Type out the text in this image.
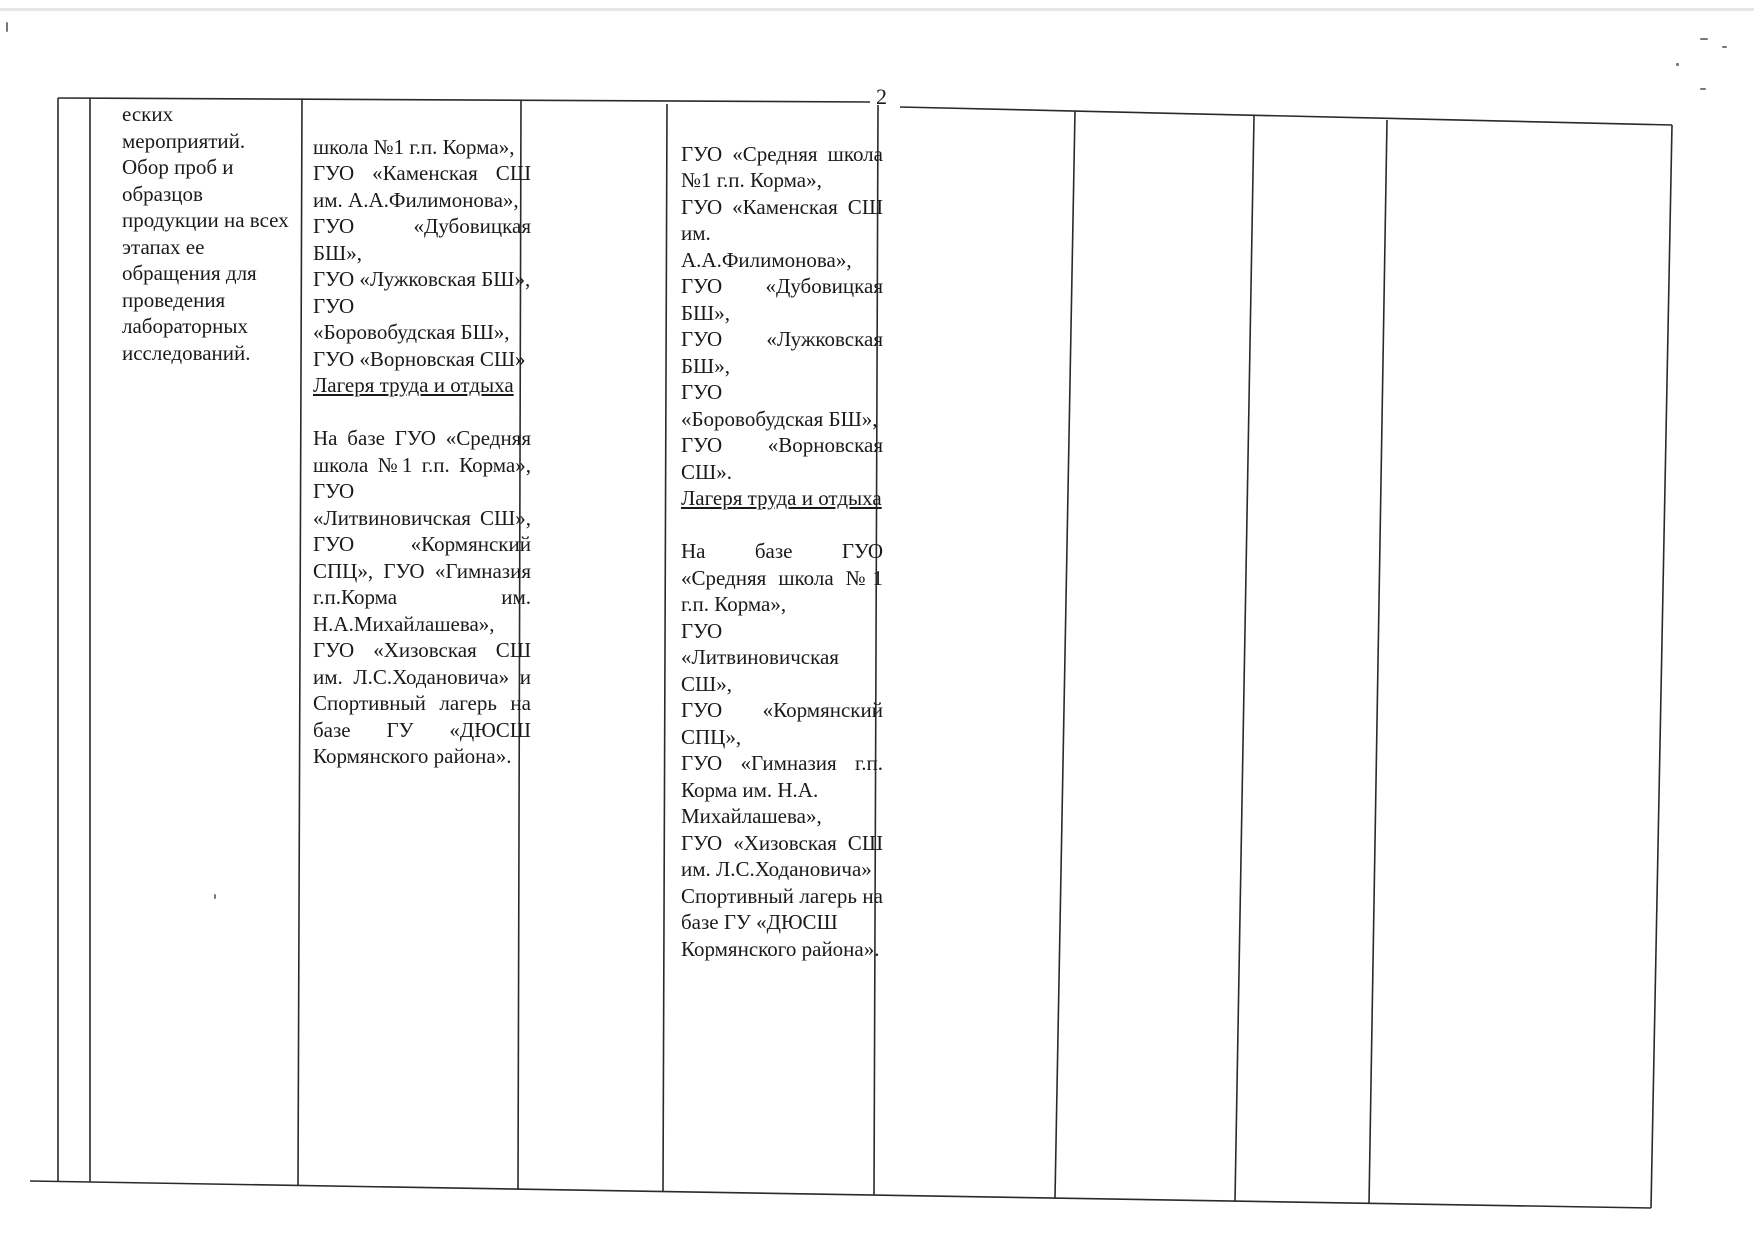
2
еских
мероприятий.
Обор проб и
образцов
продукции на всех
этапах ее
обращения для
проведения
лабораторных
исследований.

школа №1 г.п. Корма»,
ГУО «Каменская СШ им. А.А.Филимонова»,
ГУО «Дубовицкая БШ»,
ГУО «Лужковская БШ»,
ГУО
«Боровобудская БШ»,
ГУО «Ворновская СШ»

Лагеря труда и отдыха

На базе ГУО «Средняя школа №1 г.п. Корма», ГУО
«Литвиновичская СШ», ГУО «Кормянский СПЦ», ГУО «Гимназия г.п.Корма им. Н.А.Михайлашева», ГУО «Хизовская СШ им. Л.С.Ходановича» и Спортивный лагерь на базе ГУ «ДЮСШ Кормянского района».

ГУО «Средняя школа №1 г.п. Корма»,
ГУО «Каменская СШ им. А.А.Филимонова»,
ГУО «Дубовицкая БШ»,
ГУО «Лужковская БШ»,
ГУО
«Боровобудская БШ»,
ГУО «Ворновская СШ».

Лагеря труда и отдыха

На базе ГУО «Средняя школа №1 г.п. Корма»,
ГУО
«Литвиновичская СШ»,
ГУО «Кормянский СПЦ»,
ГУО «Гимназия г.п. Корма им. Н.А.
Михайлашева»,
ГУО «Хизовская СШ им. Л.С.Ходановича»
Спортивный лагерь на базе ГУ «ДЮСШ
Кормянского района».
